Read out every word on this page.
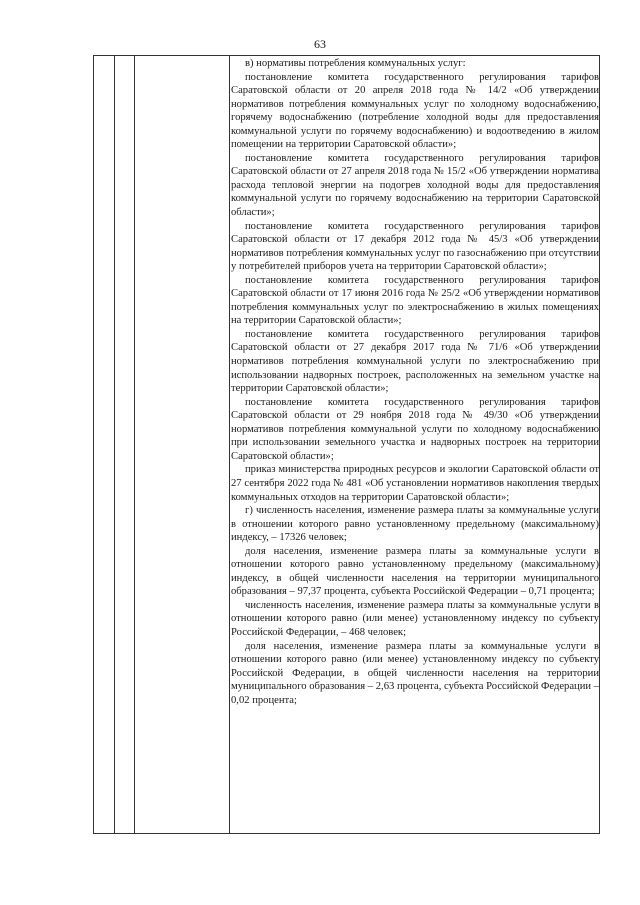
63

в) нормативы потребления коммунальных услуг:

постановление комитета государственного регулирования тарифов Саратовской области от 20 апреля 2018 года № 14/2 «Об утверждении нормативов потребления коммунальных услуг по холодному водоснабжению, горячему водоснабжению (потребление холодной воды для предоставления коммунальной услуги по горячему водоснабжению) и водоотведению в жилом помещении на территории Саратовской области»;

постановление комитета государственного регулирования тарифов Саратовской области от 27 апреля 2018 года № 15/2 «Об утверждении норматива расхода тепловой энергии на подогрев холодной воды для предоставления коммунальной услуги по горячему водоснабжению на территории Саратовской области»;

постановление комитета государственного регулирования тарифов Саратовской области от 17 декабря 2012 года № 45/3 «Об утверждении нормативов потребления коммунальных услуг по газоснабжению при отсутствии у потребителей приборов учета на территории Саратовской области»;

постановление комитета государственного регулирования тарифов Саратовской области от 17 июня 2016 года № 25/2 «Об утверждении нормативов потребления коммунальных услуг по электроснабжению в жилых помещениях на территории Саратовской области»;

постановление комитета государственного регулирования тарифов Саратовской области от 27 декабря 2017 года № 71/6 «Об утверждении нормативов потребления коммунальной услуги по электроснабжению при использовании надворных построек, расположенных на земельном участке на территории Саратовской области»;

постановление комитета государственного регулирования тарифов Саратовской области от 29 ноября 2018 года № 49/30 «Об утверждении нормативов потребления коммунальной услуги по холодному водоснабжению при использовании земельного участка и надворных построек на территории Саратовской области»;

приказ министерства природных ресурсов и экологии Саратовской области от 27 сентября 2022 года № 481 «Об установлении нормативов накопления твердых коммунальных отходов на территории Саратовской области»;

г) численность населения, изменение размера платы за коммунальные услуги в отношении которого равно установленному предельному (максимальному) индексу, – 17326 человек;

доля населения, изменение размера платы за коммунальные услуги в отношении которого равно установленному предельному (максимальному) индексу, в общей численности населения на территории муниципального образования – 97,37 процента, субъекта Российской Федерации – 0,71 процента;

численность населения, изменение размера платы за коммунальные услуги в отношении которого равно (или менее) установленному индексу по субъекту Российской Федерации, – 468 человек;

доля населения, изменение размера платы за коммунальные услуги в отношении которого равно (или менее) установленному индексу по субъекту Российской Федерации, в общей численности населения на территории муниципального образования – 2,63 процента, субъекта Российской Федерации – 0,02 процента;
